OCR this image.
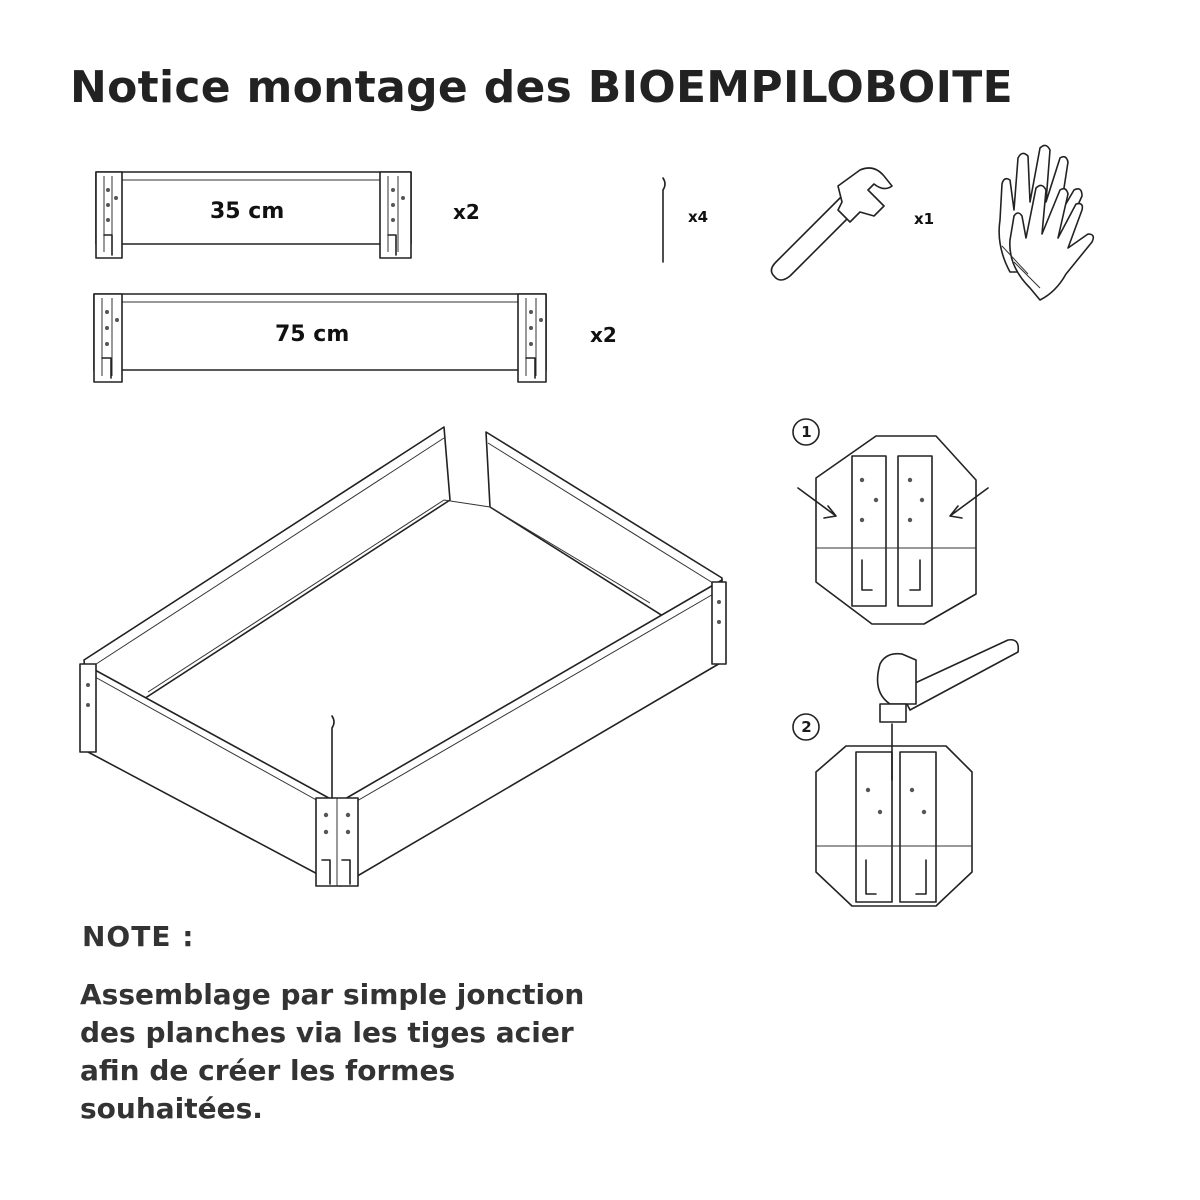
Notice montage des BIOEMPILOBOITE
35 cm	x2
75 cm	x2
x4	x1
1
2
NOTE :
Assemblage par simple jonction des planches via les tiges acier afin de créer les formes souhaitées.
